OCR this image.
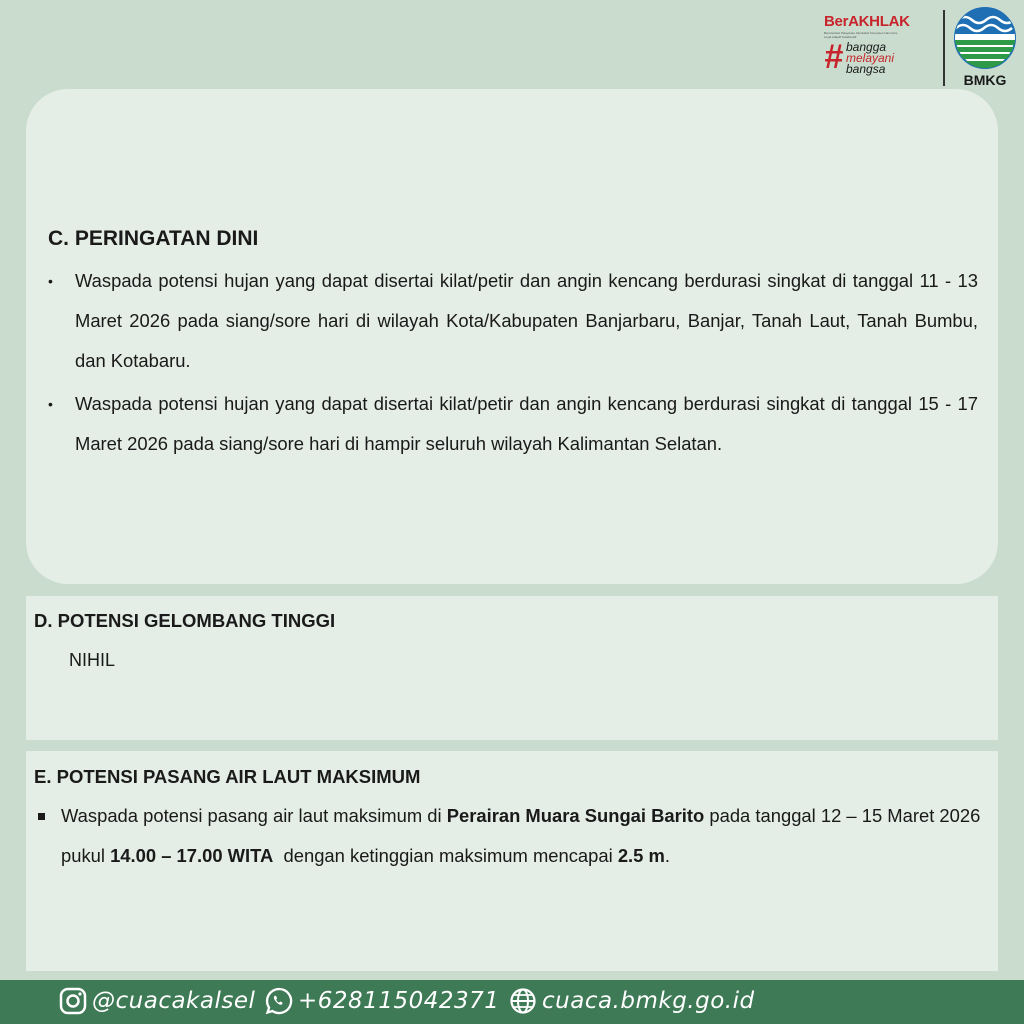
BerAKHLAK
Berorientasi Pelayanan Akuntabel Kompeten Harmonis Loyal Adaptif Kolaboratif
# bangga
melayani
bangsa
BMKG
C. PERINGATAN DINI
• Waspada potensi hujan yang dapat disertai kilat/petir dan angin kencang berdurasi singkat di tanggal 11 - 13 Maret 2026 pada siang/sore hari di wilayah Kota/Kabupaten Banjarbaru, Banjar, Tanah Laut, Tanah Bumbu, dan Kotabaru.
• Waspada potensi hujan yang dapat disertai kilat/petir dan angin kencang berdurasi singkat di tanggal 15 - 17 Maret 2026 pada siang/sore hari di hampir seluruh wilayah Kalimantan Selatan.
D. POTENSI GELOMBANG TINGGI
NIHIL
E. POTENSI PASANG AIR LAUT MAKSIMUM
Waspada potensi pasang air laut maksimum di Perairan Muara Sungai Barito pada tanggal 12 – 15 Maret 2026 pukul 14.00 – 17.00 WITA  dengan ketinggian maksimum mencapai 2.5 m.
@cuacakalsel +628115042371 cuaca.bmkg.go.id
